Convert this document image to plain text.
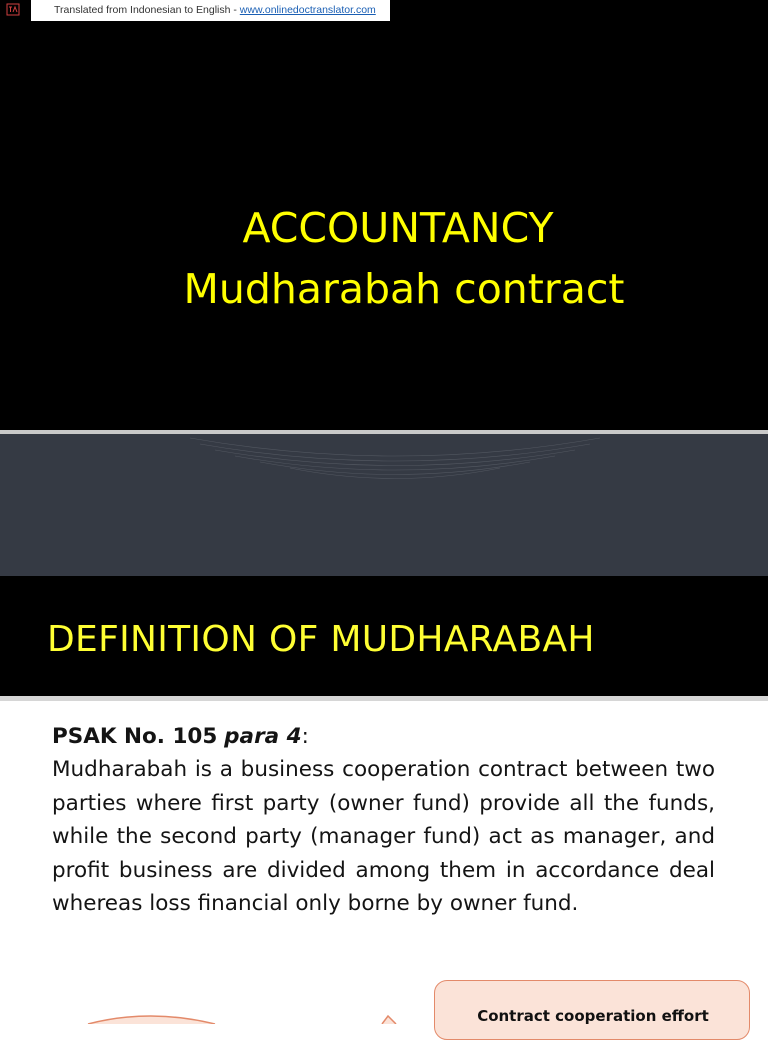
Translated from Indonesian to English - www.onlinedoctranslator.com
ACCOUNTANCY
Mudharabah contract
DEFINITION OF MUDHARABAH
PSAK No. 105 para 4:
Mudharabah is a business cooperation contract between two parties where first party (owner fund) provide all the funds, while the second party (manager fund) act as manager, and profit business are divided among them in accordance deal whereas loss financial only borne by owner fund.
Contract cooperation effort
